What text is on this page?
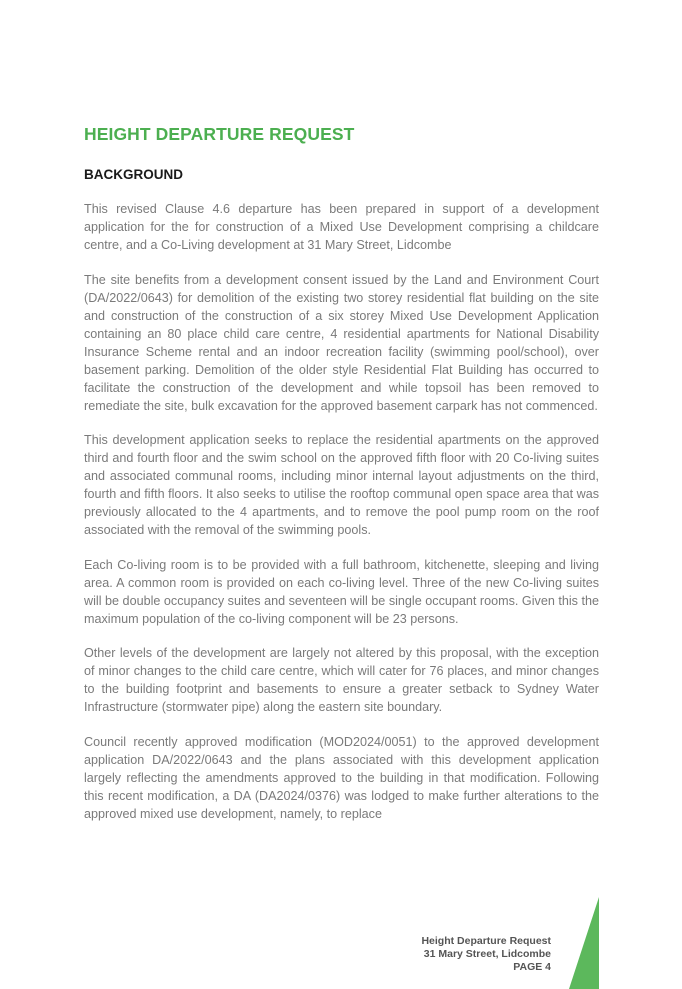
HEIGHT DEPARTURE REQUEST
BACKGROUND

This revised Clause 4.6 departure has been prepared in support of a development application for the for construction of a Mixed Use Development comprising a childcare centre, and a Co-Living development at 31 Mary Street, Lidcombe

The site benefits from a development consent issued by the Land and Environment Court (DA/2022/0643) for demolition of the existing two storey residential flat building on the site and construction of the construction of a six storey Mixed Use Development Application containing an 80 place child care centre, 4 residential apartments for National Disability Insurance Scheme rental and an indoor recreation facility (swimming pool/school), over basement parking. Demolition of the older style Residential Flat Building has occurred to facilitate the construction of the development and while topsoil has been removed to remediate the site, bulk excavation for the approved basement carpark has not commenced.

This development application seeks to replace the residential apartments on the approved third and fourth floor and the swim school on the approved fifth floor with 20 Co-living suites and associated communal rooms, including minor internal layout adjustments on the third, fourth and fifth floors. It also seeks to utilise the rooftop communal open space area that was previously allocated to the 4 apartments, and to remove the pool pump room on the roof associated with the removal of the swimming pools.

Each Co-living room is to be provided with a full bathroom, kitchenette, sleeping and living area. A common room is provided on each co-living level. Three of the new Co-living suites will be double occupancy suites and seventeen will be single occupant rooms. Given this the maximum population of the co-living component will be 23 persons.

Other levels of the development are largely not altered by this proposal, with the exception of minor changes to the child care centre, which will cater for 76 places, and minor changes to the building footprint and basements to ensure a greater setback to Sydney Water Infrastructure (stormwater pipe) along the eastern site boundary.

Council recently approved modification (MOD2024/0051) to the approved development application DA/2022/0643 and the plans associated with this development application largely reflecting the amendments approved to the building in that modification. Following this recent modification, a DA (DA2024/0376) was lodged to make further alterations to the approved mixed use development, namely, to replace

Height Departure Request
31 Mary Street, Lidcombe
PAGE 4
